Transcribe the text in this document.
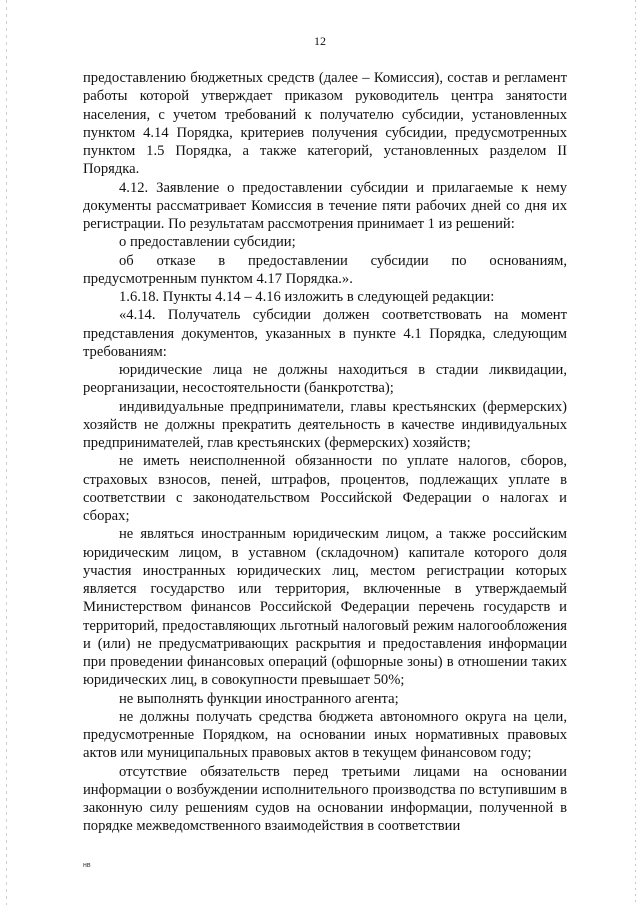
12

предоставлению бюджетных средств (далее – Комиссия), состав и регламент работы которой утверждает приказом руководитель центра занятости населения, с учетом требований к получателю субсидии, установленных пунктом 4.14 Порядка, критериев получения субсидии, предусмотренных пунктом 1.5 Порядка, а также категорий, установленных разделом II Порядка.

4.12. Заявление о предоставлении субсидии и прилагаемые к нему документы рассматривает Комиссия в течение пяти рабочих дней со дня их регистрации. По результатам рассмотрения принимает 1 из решений:

о предоставлении субсидии;

об отказе в предоставлении субсидии по основаниям, предусмотренным пунктом 4.17 Порядка.».

1.6.18. Пункты 4.14 – 4.16 изложить в следующей редакции:

«4.14. Получатель субсидии должен соответствовать на момент представления документов, указанных в пункте 4.1 Порядка, следующим требованиям:

юридические лица не должны находиться в стадии ликвидации, реорганизации, несостоятельности (банкротства);

индивидуальные предприниматели, главы крестьянских (фермерских) хозяйств не должны прекратить деятельность в качестве индивидуальных предпринимателей, глав крестьянских (фермерских) хозяйств;

не иметь неисполненной обязанности по уплате налогов, сборов, страховых взносов, пеней, штрафов, процентов, подлежащих уплате в соответствии с законодательством Российской Федерации о налогах и сборах;

не являться иностранным юридическим лицом, а также российским юридическим лицом, в уставном (складочном) капитале которого доля участия иностранных юридических лиц, местом регистрации которых является государство или территория, включенные в утверждаемый Министерством финансов Российской Федерации перечень государств и территорий, предоставляющих льготный налоговый режим налогообложения и (или) не предусматривающих раскрытия и предоставления информации при проведении финансовых операций (офшорные зоны) в отношении таких юридических лиц, в совокупности превышает 50%;

не выполнять функции иностранного агента;

не должны получать средства бюджета автономного округа на цели, предусмотренные Порядком, на основании иных нормативных правовых актов или муниципальных правовых актов в текущем финансовом году;

отсутствие обязательств перед третьими лицами на основании информации о возбуждении исполнительного производства по вступившим в законную силу решениям судов на основании информации, полученной в порядке межведомственного взаимодействия в соответствии

нв
